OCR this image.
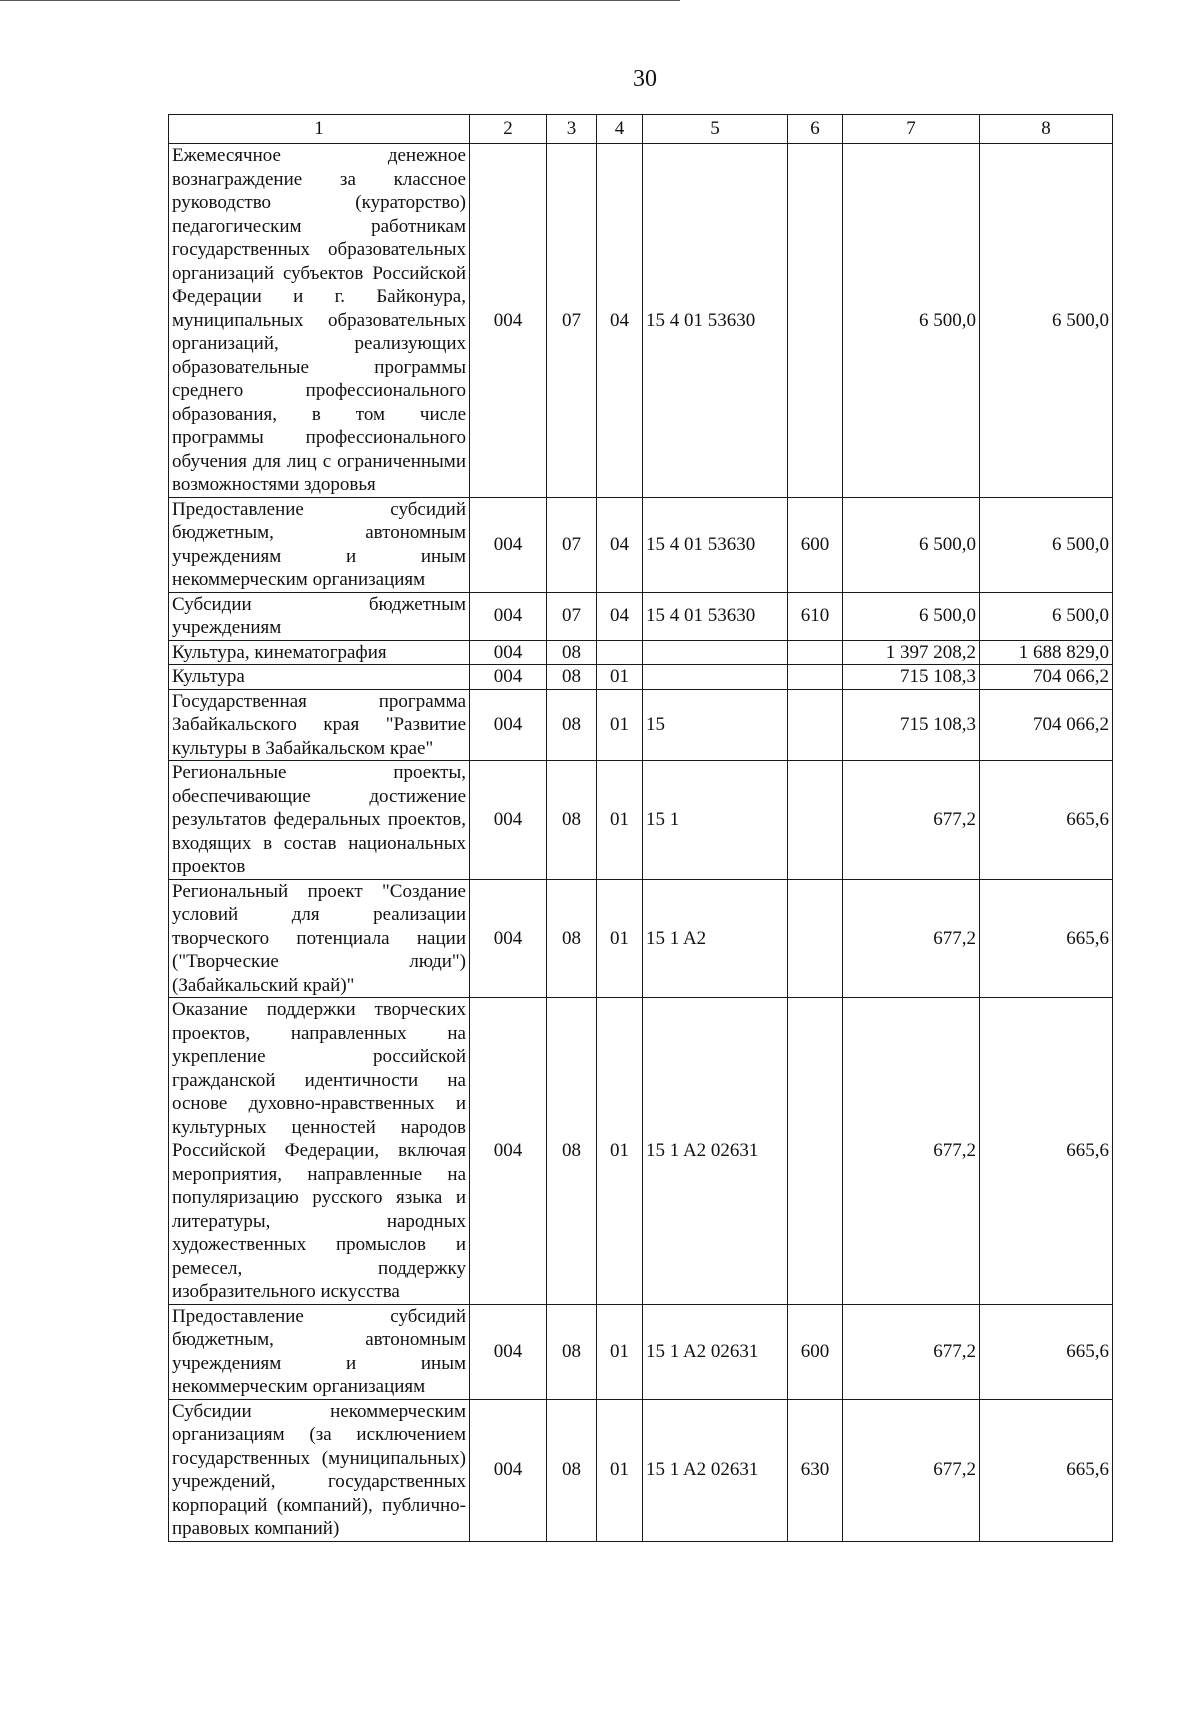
30
1	2	3	4	5	6	7	8
Ежемесячное денежное вознаграждение за классное руководство (кураторство) педагогическим работникам государственных образовательных организаций субъектов Российской Федерации и г. Байконура, муниципальных образовательных организаций, реализующих образовательные программы среднего профессионального образования, в том числе программы профессионального обучения для лиц с ограниченными возможностями здоровья	004	07	04	15 4 01 53630		6 500,0	6 500,0
Предоставление субсидий бюджетным, автономным учреждениям и иным некоммерческим организациям	004	07	04	15 4 01 53630	600	6 500,0	6 500,0
Субсидии бюджетным учреждениям	004	07	04	15 4 01 53630	610	6 500,0	6 500,0
Культура, кинематография	004	08				1 397 208,2	1 688 829,0
Культура	004	08	01			715 108,3	704 066,2
Государственная программа Забайкальского края "Развитие культуры в Забайкальском крае"	004	08	01	15		715 108,3	704 066,2
Региональные проекты, обеспечивающие достижение результатов федеральных проектов, входящих в состав национальных проектов	004	08	01	15 1		677,2	665,6
Региональный проект "Создание условий для реализации творческого потенциала нации ("Творческие люди") (Забайкальский край)"	004	08	01	15 1 A2		677,2	665,6
Оказание поддержки творческих проектов, направленных на укрепление российской гражданской идентичности на основе духовно-нравственных и культурных ценностей народов Российской Федерации, включая мероприятия, направленные на популяризацию русского языка и литературы, народных художественных промыслов и ремесел, поддержку изобразительного искусства	004	08	01	15 1 A2 02631		677,2	665,6
Предоставление субсидий бюджетным, автономным учреждениям и иным некоммерческим организациям	004	08	01	15 1 A2 02631	600	677,2	665,6
Субсидии некоммерческим организациям (за исключением государственных (муниципальных) учреждений, государственных корпораций (компаний), публично-правовых компаний)	004	08	01	15 1 A2 02631	630	677,2	665,6
